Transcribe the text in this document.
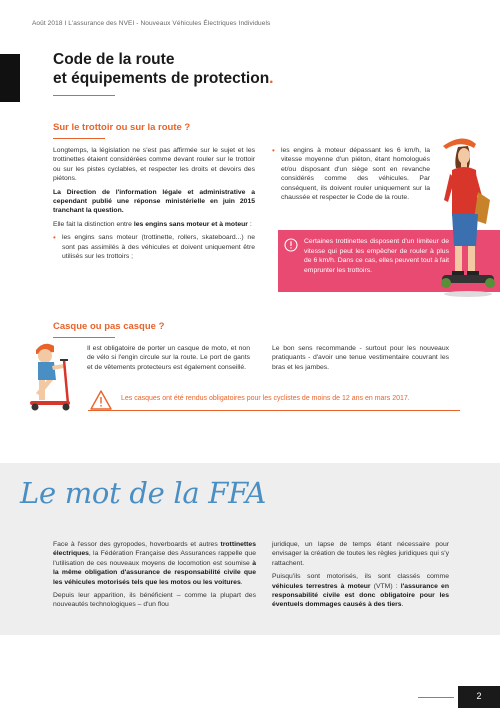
Août 2018 I L'assurance des NVEI - Nouveaux Véhicules Électriques Individuels
Code de la route
et équipements de protection.
Sur le trottoir ou sur la route ?

Longtemps, la législation ne s'est pas affirmée sur le sujet et les trottinettes étaient considérées comme devant rouler sur le trottoir ou sur les pistes cyclables, et respecter les droits et devoirs des piétons.

La Direction de l'information légale et administrative a cependant publié une réponse ministérielle en juin 2015 tranchant la question.

Elle fait la distinction entre les engins sans moteur et à moteur :

• les engins sans moteur (trottinette, rollers, skateboard...) ne sont pas assimilés à des véhicules et doivent uniquement être utilisés sur les trottoirs ;
• les engins à moteur dépassant les 6 km/h, la vitesse moyenne d'un piéton, étant homologués et/ou disposant d'un siège sont en revanche considérés comme des véhicules. Par conséquent, ils doivent rouler uniquement sur la chaussée et respecter le Code de la route.
Certaines trottinettes disposent d'un limiteur de vitesse qui peut les empêcher de rouler à plus de 6 km/h. Dans ce cas, elles peuvent tout à fait emprunter les trottoirs.
Casque ou pas casque ?

Il est obligatoire de porter un casque de moto, et non de vélo si l'engin circule sur la route. Le port de gants et de vêtements protecteurs est également conseillé.

Le bon sens recommande - surtout pour les nouveaux pratiquants - d'avoir une tenue vestimentaire couvrant les bras et les jambes.

Les casques ont été rendus obligatoires pour les cyclistes de moins de 12 ans en mars 2017.
Le mot de la FFA

Face à l'essor des gyropodes, hoverboards et autres trottinettes électriques, la Fédération Française des Assurances rappelle que l'utilisation de ces nouveaux moyens de locomotion est soumise à la même obligation d'assurance de responsabilité civile que les véhicules motorisés tels que les motos ou les voitures.

Depuis leur apparition, ils bénéficient – comme la plupart des nouveautés technologiques – d'un flou

juridique, un lapse de temps étant nécessaire pour envisager la création de toutes les règles juridiques qui s'y rattachent.

Puisqu'ils sont motorisés, ils sont classés comme véhicules terrestres à moteur (VTM) : l'assurance en responsabilité civile est donc obligatoire pour les éventuels dommages causés à des tiers.

2
